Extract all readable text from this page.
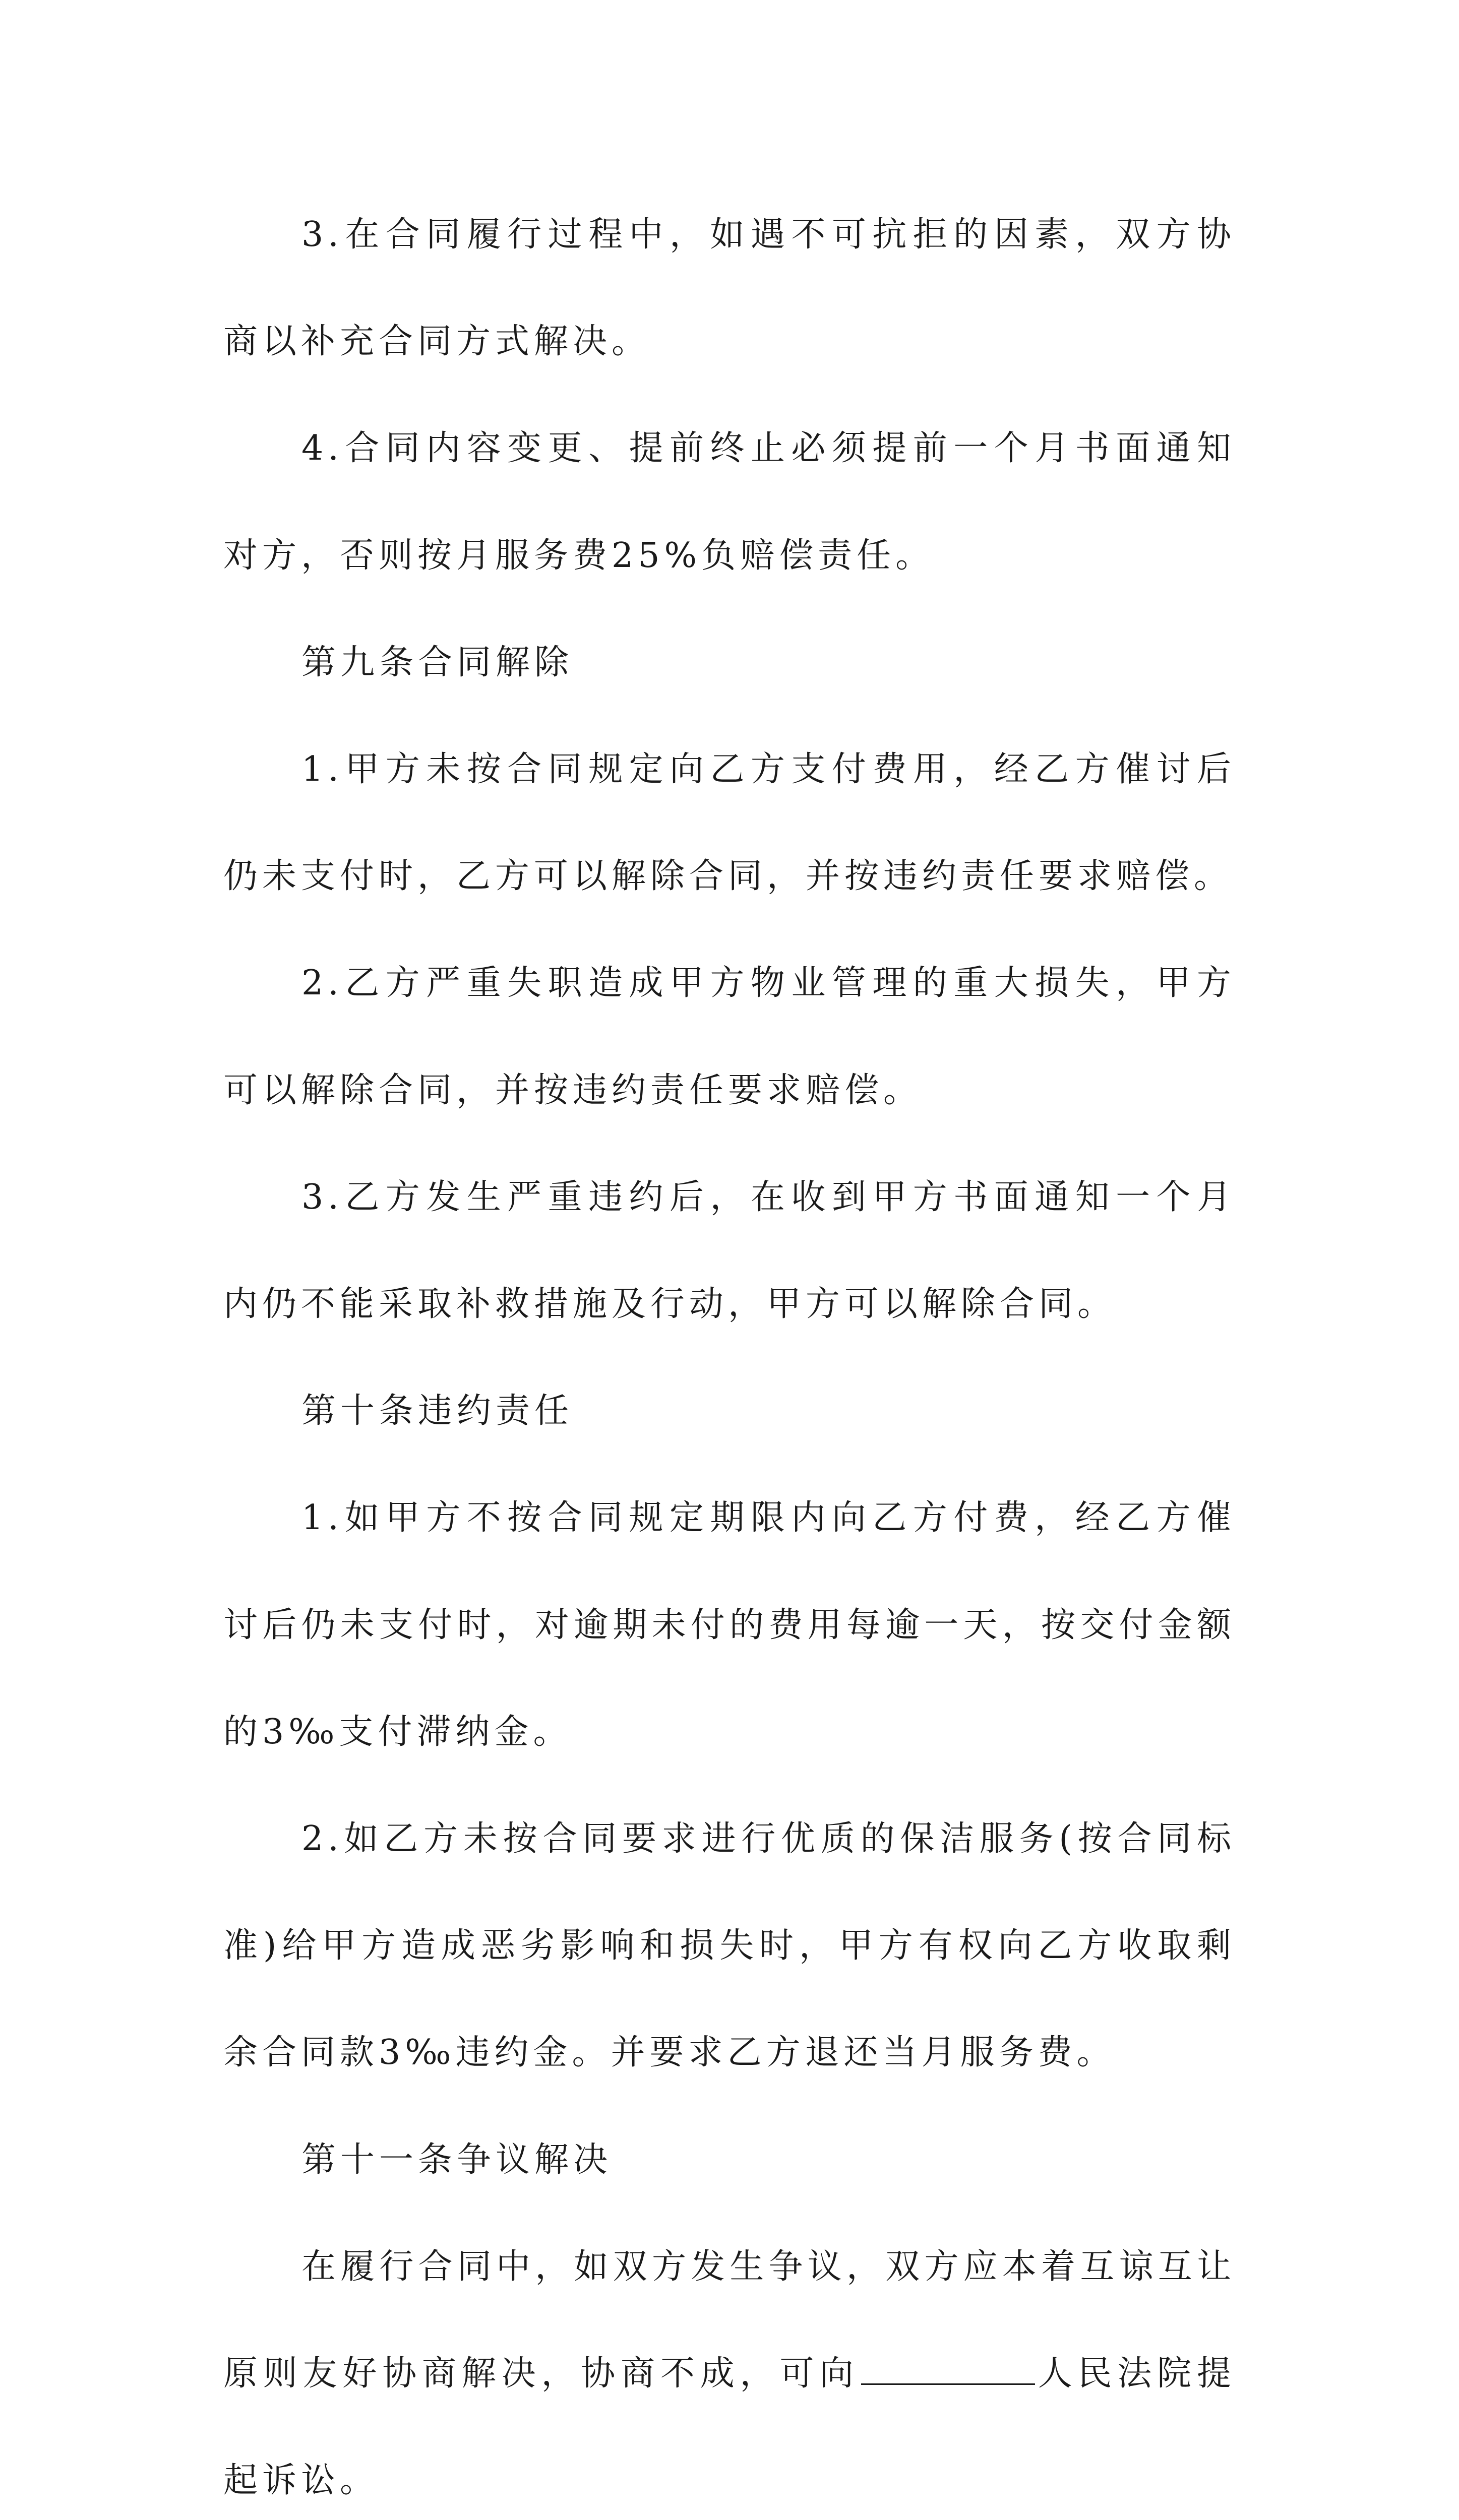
3.在合同履行过程中，如遇不可抗拒的因素，双方协商以补充合同方式解决。

4.合同内容变更、提前终止必须提前一个月书面通知对方，否则按月服务费25%负赔偿责任。

第九条合同解除

1.甲方未按合同规定向乙方支付费用，经乙方催讨后仍未支付时，乙方可以解除合同，并按违约责任要求赔偿。

2.乙方严重失职造成甲方物业管理的重大损失，甲方可以解除合同，并按违约责任要求赔偿。

3.乙方发生严重违约后，在收到甲方书面通知一个月内仍不能采取补救措施及行动，甲方可以解除合同。

第十条违约责任

1.如甲方不按合同规定期限内向乙方付费，经乙方催讨后仍未支付时，对逾期未付的费用每逾一天，按交付金额的3‰支付滞纳金。

2.如乙方未按合同要求进行优质的保洁服务(按合同标准)给甲方造成恶劣影响和损失时，甲方有权向乙方收取剩余合同款3‰违约金。并要求乙方退还当月服务费。

第十一条争议解决

在履行合同中，如双方发生争议，双方应本着互谅互让原则友好协商解决，协商不成，可向	人民法院提起诉讼。
